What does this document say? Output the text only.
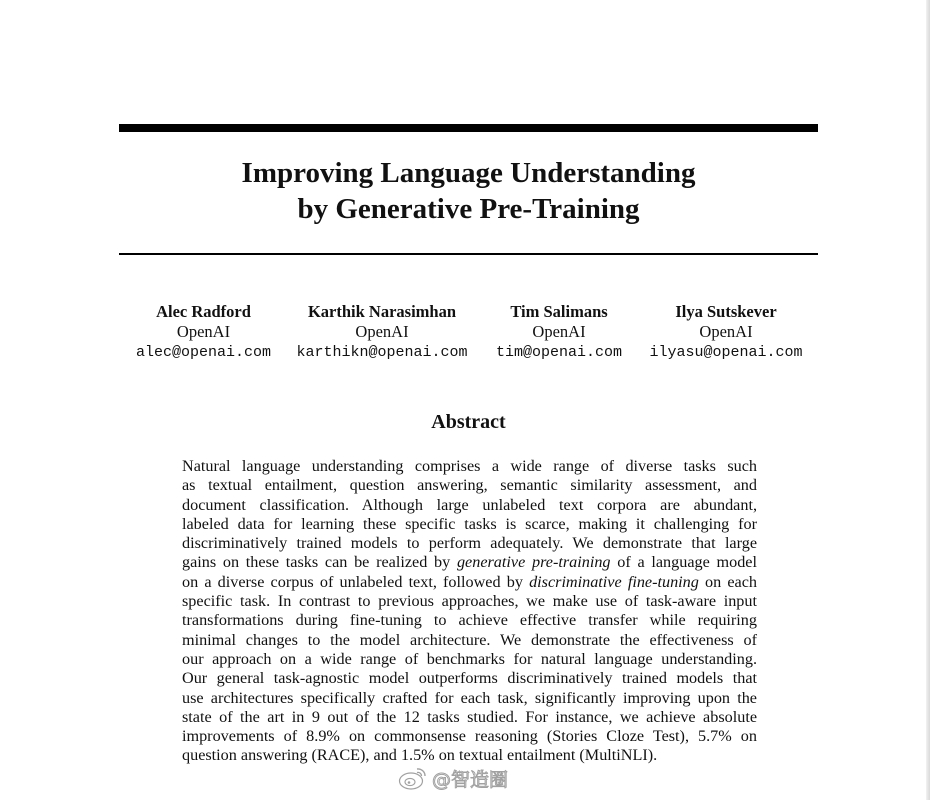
Improving Language Understanding
by Generative Pre-Training
Alec Radford
OpenAI
alec@openai.com
Karthik Narasimhan
OpenAI
karthikn@openai.com
Tim Salimans
OpenAI
tim@openai.com
Ilya Sutskever
OpenAI
ilyasu@openai.com
Abstract
Natural language understanding comprises a wide range of diverse tasks such
as textual entailment, question answering, semantic similarity assessment, and
document classification. Although large unlabeled text corpora are abundant,
labeled data for learning these specific tasks is scarce, making it challenging for
discriminatively trained models to perform adequately. We demonstrate that large
gains on these tasks can be realized by generative pre-training of a language model
on a diverse corpus of unlabeled text, followed by discriminative fine-tuning on each
specific task. In contrast to previous approaches, we make use of task-aware input
transformations during fine-tuning to achieve effective transfer while requiring
minimal changes to the model architecture. We demonstrate the effectiveness of
our approach on a wide range of benchmarks for natural language understanding.
Our general task-agnostic model outperforms discriminatively trained models that
use architectures specifically crafted for each task, significantly improving upon the
state of the art in 9 out of the 12 tasks studied. For instance, we achieve absolute
improvements of 8.9% on commonsense reasoning (Stories Cloze Test), 5.7% on
question answering (RACE), and 1.5% on textual entailment (MultiNLI).
@智造圈
